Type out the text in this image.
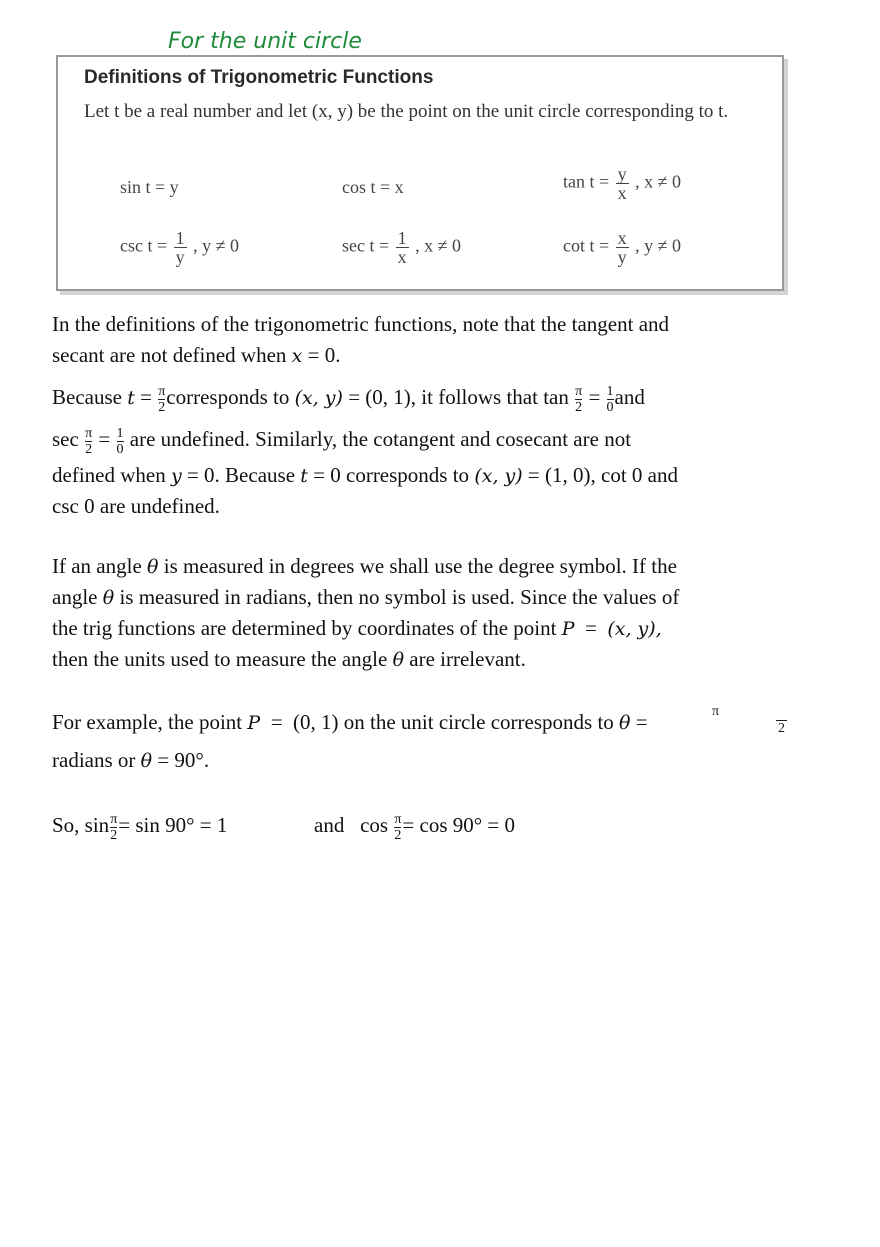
For the unit circle
Definitions of Trigonometric Functions
Let t be a real number and let (x, y) be the point on the unit circle corresponding to t.
sin t = y	cos t = x	$\tan t = \frac{y}{x}$ , x ≠ 0
$\csc t = \frac{1}{y}$ , y ≠ 0	$\sec t = \frac{1}{x}$ , x ≠ 0	$\cot t = \frac{x}{y}$ , y ≠ 0
In the definitions of the trigonometric functions, note that the tangent and
secant are not defined when x = 0.
Because $t = \frac{\pi}{2}$ corresponds to (x, y) = (0, 1), it follows that $\tan \frac{\pi}{2} = \frac{1}{0}$ and
$\sec \frac{\pi}{2} = \frac{1}{0}$ are undefined. Similarly, the cotangent and cosecant are not
defined when y = 0. Because t = 0 corresponds to (x, y) = (1, 0), cot 0 and
csc 0 are undefined.
If an angle θ is measured in degrees we shall use the degree symbol. If the
angle θ is measured in radians, then no symbol is used. Since the values of
the trig functions are determined by coordinates of the point P = (x, y),
then the units used to measure the angle θ are irrelevant.
For example, the point P = (0, 1) on the unit circle corresponds to θ =	π
2
radians or θ = 90°.
So, $\sin \frac{\pi}{2} = \sin 90^\circ = 1$	and $\cos \frac{\pi}{2} = \cos 90^\circ = 0$
